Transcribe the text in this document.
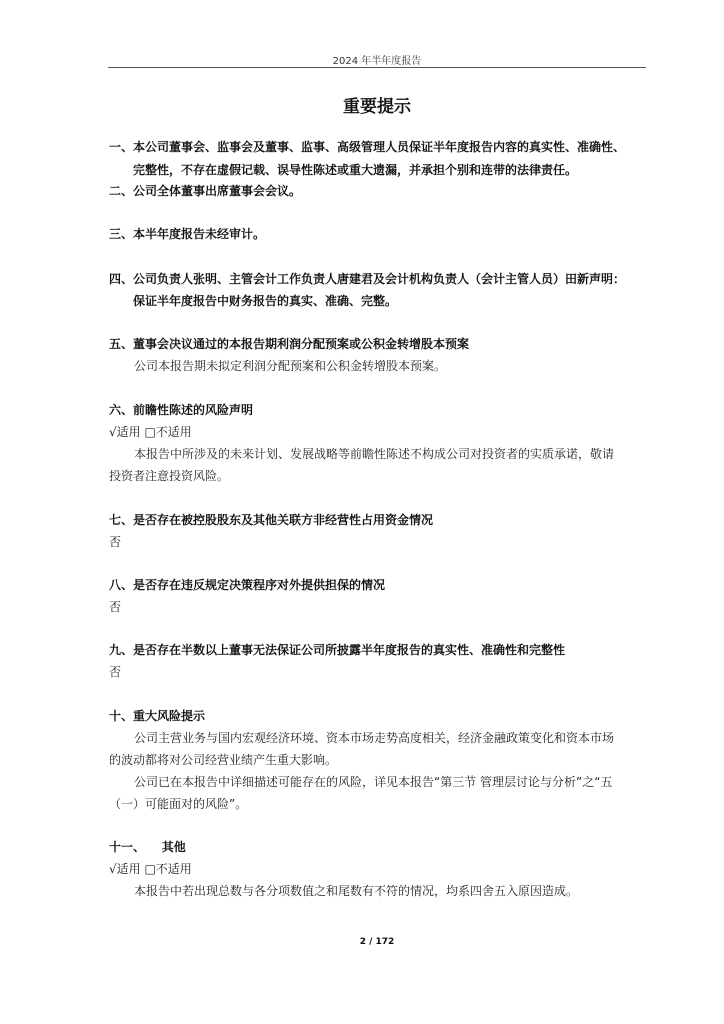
2024 年半年度报告
重要提示
一、本公司董事会、监事会及董事、监事、高级管理人员保证半年度报告内容的真实性、准确性、
完整性，不存在虚假记载、误导性陈述或重大遗漏，并承担个别和连带的法律责任。
二、公司全体董事出席董事会会议。
三、本半年度报告未经审计。
四、公司负责人张明、主管会计工作负责人唐建君及会计机构负责人（会计主管人员）田新声明：
保证半年度报告中财务报告的真实、准确、完整。
五、董事会决议通过的本报告期利润分配预案或公积金转增股本预案
公司本报告期未拟定利润分配预案和公积金转增股本预案。
六、前瞻性陈述的风险声明
√适用 □不适用
本报告中所涉及的未来计划、发展战略等前瞻性陈述不构成公司对投资者的实质承诺，敬请
投资者注意投资风险。
七、是否存在被控股股东及其他关联方非经营性占用资金情况
否
八、是否存在违反规定决策程序对外提供担保的情况
否
九、是否存在半数以上董事无法保证公司所披露半年度报告的真实性、准确性和完整性
否
十、重大风险提示
公司主营业务与国内宏观经济环境、资本市场走势高度相关，经济金融政策变化和资本市场
的波动都将对公司经营业绩产生重大影响。
公司已在本报告中详细描述可能存在的风险，详见本报告“第三节 管理层讨论与分析”之“五
（一）可能面对的风险”。
十一、    其他
√适用 □不适用
本报告中若出现总数与各分项数值之和尾数有不符的情况，均系四舍五入原因造成。
2 / 172
